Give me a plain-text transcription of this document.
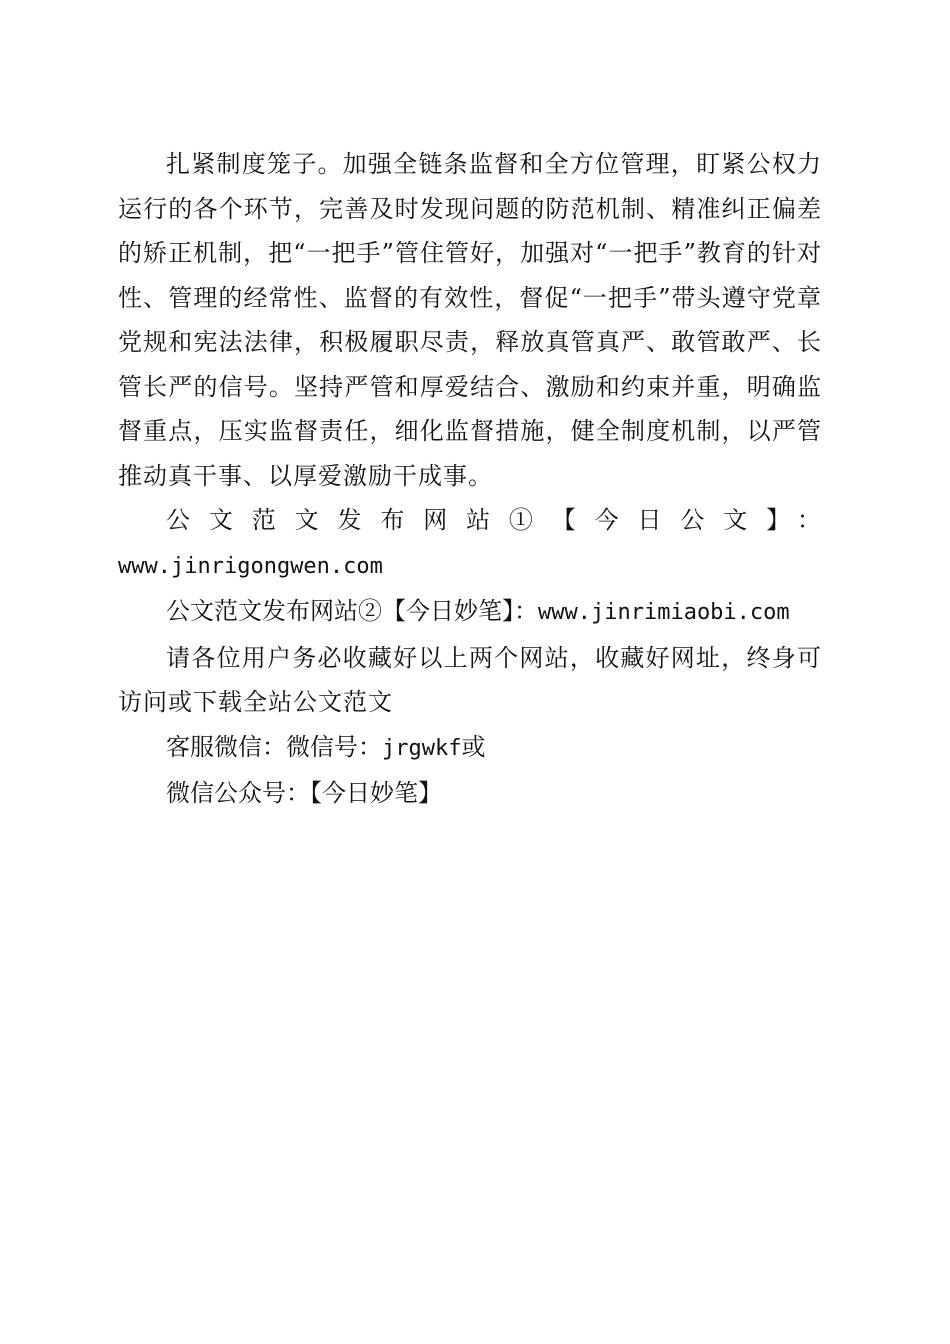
扎紧制度笼子。加强全链条监督和全方位管理，盯紧公权力运行的各个环节，完善及时发现问题的防范机制、精准纠正偏差的矫正机制，把“一把手”管住管好，加强对“一把手”教育的针对性、管理的经常性、监督的有效性，督促“一把手”带头遵守党章党规和宪法法律，积极履职尽责，释放真管真严、敢管敢严、长管长严的信号。坚持严管和厚爱结合、激励和约束并重，明确监督重点，压实监督责任，细化监督措施，健全制度机制，以严管推动真干事、以厚爱激励干成事。

公文范文发布网站①【今日公文】：

www.jinrigongwen.com

公文范文发布网站②【今日妙笔】：www.jinrimiaobi.com

请各位用户务必收藏好以上两个网站，收藏好网址，终身可访问或下载全站公文范文

客服微信：微信号：jrgwkf或

微信公众号：【今日妙笔】
